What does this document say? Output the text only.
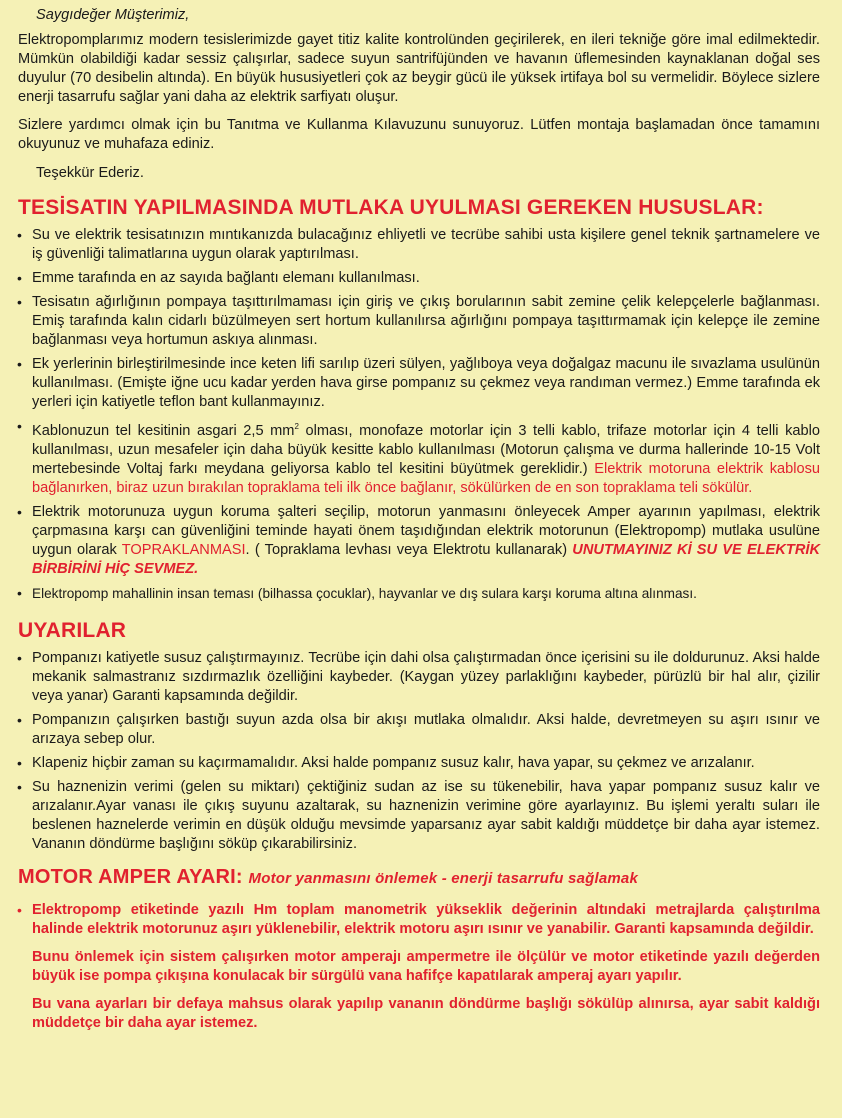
Saygıdeğer Müşterimiz,

Elektropomplarımız modern tesislerimizde gayet titiz kalite kontrolünden geçirilerek, en ileri tekniğe göre imal edilmektedir. Mümkün olabildiği kadar sessiz çalışırlar, sadece suyun santrifüjünden ve havanın üflemesinden kaynaklanan doğal ses duyulur (70 desibelin altında). En büyük hususiyetleri çok az beygir gücü ile yüksek irtifaya bol su vermelidir. Böylece sizlere enerji tasarrufu sağlar yani daha az elektrik sarfiyatı oluşur.

Sizlere yardımcı olmak için bu Tanıtma ve Kullanma Kılavuzunu sunuyoruz. Lütfen montaja başlamadan önce tamamını okuyunuz ve muhafaza ediniz.

Teşekkür Ederiz.

TESİSATIN YAPILMASINDA MUTLAKA UYULMASI GEREKEN HUSUSLAR:
• Su ve elektrik tesisatınızın mıntıkanızda bulacağınız ehliyetli ve tecrübe sahibi usta kişilere genel teknik şartnamelere ve iş güvenliği talimatlarına uygun olarak yaptırılması.

• Emme tarafında en az sayıda bağlantı elemanı kullanılması.

• Tesisatın ağırlığının pompaya taşıttırılmaması için giriş ve çıkış borularının sabit zemine çelik kelepçelerle bağlanması. Emiş tarafında kalın cidarlı büzülmeyen sert hortum kullanılırsa ağırlığını pompaya taşıttırmamak için kelepçe ile zemine bağlanması veya hortumun askıya alınması.

• Ek yerlerinin birleştirilmesinde ince keten lifi sarılıp üzeri sülyen, yağlıboya veya doğalgaz macunu ile sıvazlama usulünün kullanılması. (Emişte iğne ucu kadar yerden hava girse pompanız su çekmez veya randıman vermez.) Emme tarafında ek yerleri için katiyetle teflon bant kullanmayınız.

• Kablonuzun tel kesitinin asgari 2,5 $mm^2$ olması, monofaze motorlar için 3 telli kablo, trifaze motorlar için 4 telli kablo kullanılması, uzun mesafeler için daha büyük kesitte kablo kullanılması (Motorun çalışma ve durma hallerinde 10-15 Volt mertebesinde Voltaj farkı meydana geliyorsa kablo tel kesitini büyütmek gereklidir.) Elektrik motoruna elektrik kablosu bağlanırken, biraz uzun bırakılan topraklama teli ilk önce bağlanır, sökülürken de en son topraklama teli sökülür.

• Elektrik motorunuza uygun koruma şalteri seçilip, motorun yanmasını önleyecek Amper ayarının yapılması, elektrik çarpmasına karşı can güvenliğini teminde hayati önem taşıdığından elektrik motorunun (Elektropomp) mutlaka usulüne uygun olarak TOPRAKLANMASI. ( Topraklama levhası veya Elektrotu kullanarak) UNUTMAYINIZ Kİ SU VE ELEKTRİK BİRBİRİNİ HİÇ SEVMEZ.

• Elektropomp mahallinin insan teması (bilhassa çocuklar), hayvanlar ve dış sulara karşı koruma altına alınması.

UYARILAR
• Pompanızı katiyetle susuz çalıştırmayınız. Tecrübe için dahi olsa çalıştırmadan önce içerisini su ile doldurunuz. Aksi halde mekanik salmastranız sızdırmazlık özelliğini kaybeder. (Kaygan yüzey parlaklığını kaybeder, pürüzlü bir hal alır, çizilir veya yanar) Garanti kapsamında değildir.

• Pompanızın çalışırken bastığı suyun azda olsa bir akışı mutlaka olmalıdır. Aksi halde, devretmeyen su aşırı ısınır ve arızaya sebep olur.

• Klapeniz hiçbir zaman su kaçırmamalıdır. Aksi halde pompanız susuz kalır, hava yapar, su çekmez ve arızalanır.

• Su haznenizin verimi (gelen su miktarı) çektiğiniz sudan az ise su tükenebilir, hava yapar pompanız susuz kalır ve arızalanır.Ayar vanası ile çıkış suyunu azaltarak, su haznenizin verimine göre ayarlayınız. Bu işlemi yeraltı suları ile beslenen haznelerde verimin en düşük olduğu mevsimde yaparsanız ayar sabit kaldığı müddetçe bir daha ayar istemez. Vananın döndürme başlığını söküp çıkarabilirsiniz.

MOTOR AMPER AYARI: Motor yanmasını önlemek - enerji tasarrufu sağlamak
• Elektropomp etiketinde yazılı Hm toplam manometrik yükseklik değerinin altındaki metrajlarda çalıştırılma halinde elektrik motorunuz aşırı yüklenebilir, elektrik motoru aşırı ısınır ve yanabilir. Garanti kapsamında değildir.

Bunu önlemek için sistem çalışırken motor amperajı ampermetre ile ölçülür ve motor etiketinde yazılı değerden büyük ise pompa çıkışına konulacak bir sürgülü vana hafifçe kapatılarak amperaj ayarı yapılır.

Bu vana ayarları bir defaya mahsus olarak yapılıp vananın döndürme başlığı sökülüp alınırsa, ayar sabit kaldığı müddetçe bir daha ayar istemez.
